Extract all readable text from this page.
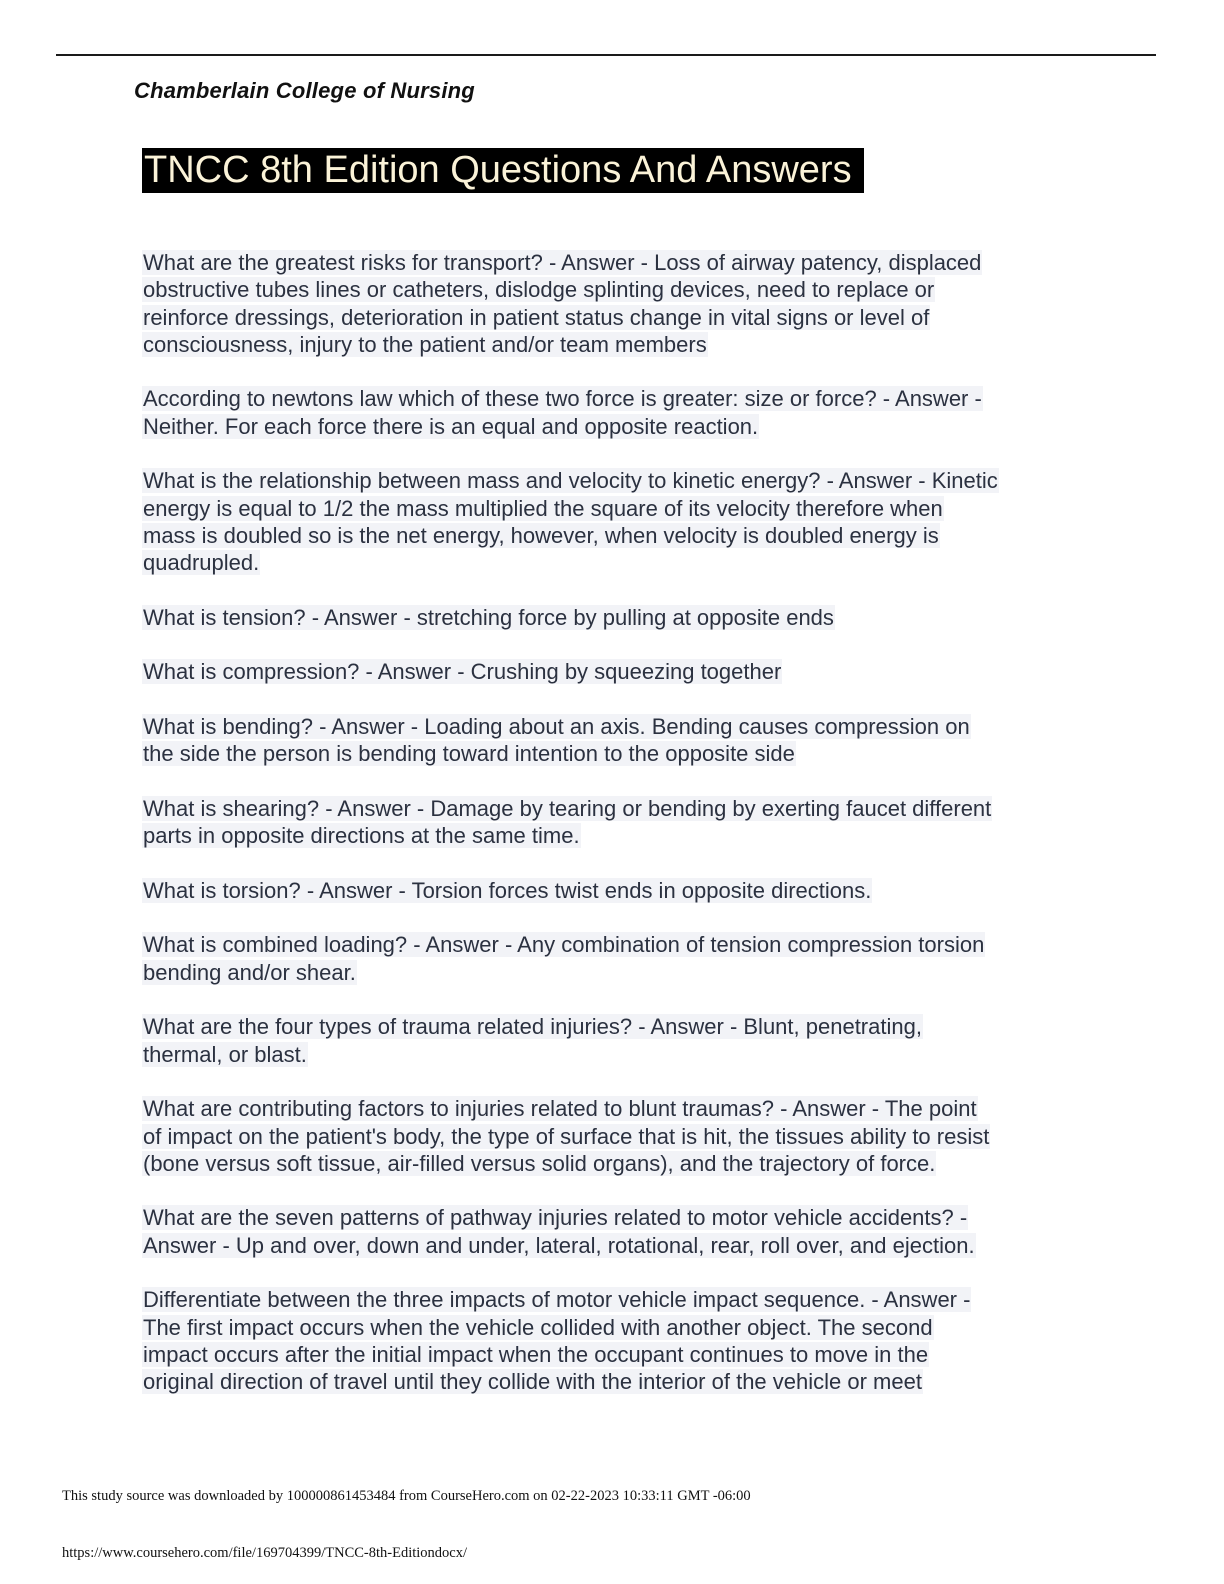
Chamberlain College of Nursing
TNCC 8th Edition Questions And Answers

What are the greatest risks for transport? - Answer - Loss of airway patency, displaced
obstructive tubes lines or catheters, dislodge splinting devices, need to replace or
reinforce dressings, deterioration in patient status change in vital signs or level of
consciousness, injury to the patient and/or team members

According to newtons law which of these two force is greater: size or force? - Answer -
Neither. For each force there is an equal and opposite reaction.

What is the relationship between mass and velocity to kinetic energy? - Answer - Kinetic
energy is equal to 1/2 the mass multiplied the square of its velocity therefore when
mass is doubled so is the net energy, however, when velocity is doubled energy is
quadrupled.

What is tension? - Answer - stretching force by pulling at opposite ends

What is compression? - Answer - Crushing by squeezing together

What is bending? - Answer - Loading about an axis. Bending causes compression on
the side the person is bending toward intention to the opposite side

What is shearing? - Answer - Damage by tearing or bending by exerting faucet different
parts in opposite directions at the same time.

What is torsion? - Answer - Torsion forces twist ends in opposite directions.

What is combined loading? - Answer - Any combination of tension compression torsion
bending and/or shear.

What are the four types of trauma related injuries? - Answer - Blunt, penetrating,
thermal, or blast.

What are contributing factors to injuries related to blunt traumas? - Answer - The point
of impact on the patient's body, the type of surface that is hit, the tissues ability to resist
(bone versus soft tissue, air-filled versus solid organs), and the trajectory of force.

What are the seven patterns of pathway injuries related to motor vehicle accidents? -
Answer - Up and over, down and under, lateral, rotational, rear, roll over, and ejection.

Differentiate between the three impacts of motor vehicle impact sequence. - Answer -
The first impact occurs when the vehicle collided with another object. The second
impact occurs after the initial impact when the occupant continues to move in the
original direction of travel until they collide with the interior of the vehicle or meet

This study source was downloaded by 100000861453484 from CourseHero.com on 02-22-2023 10:33:11 GMT -06:00
https://www.coursehero.com/file/169704399/TNCC-8th-Editiondocx/
